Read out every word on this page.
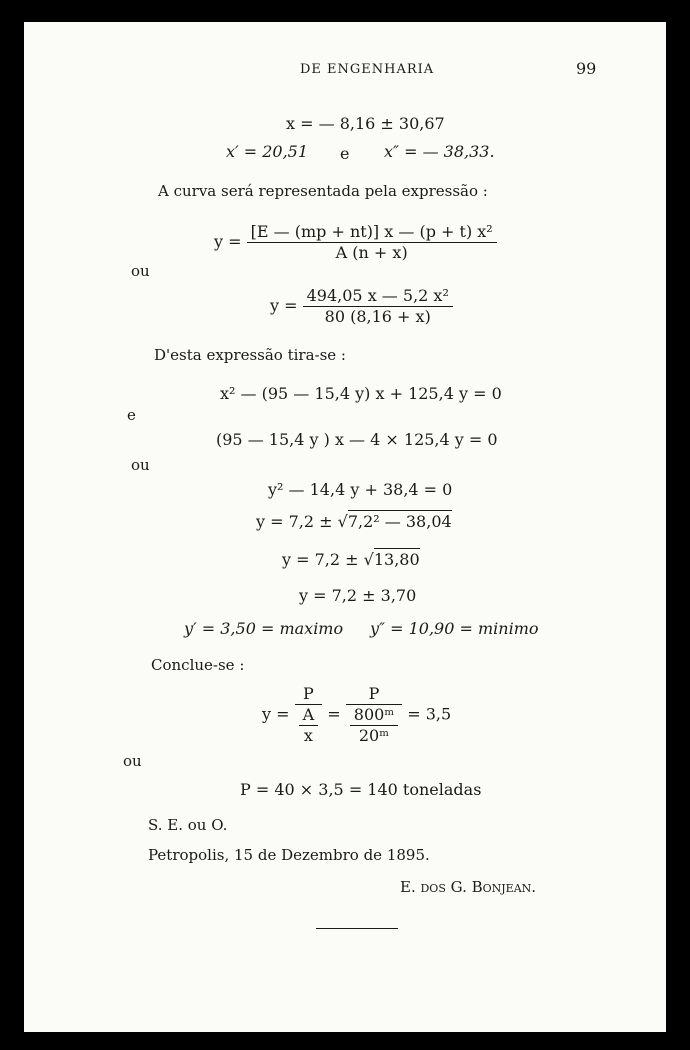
DE ENGENHARIA	99
x = — 8,16 ± 30,67
x′ = 20,51 e x″ = — 38,33.
A curva será representada pela expressão :
$y = \frac{\text{[E — (mp + nt)] x — (p + t) x²}}{A (n + x)}$
ou
$y = \frac{\text{494,05 x — 5,2 x²}}{80 (8,16 + x)}$
D'esta expressão tira-se :
x² — (95 — 15,4 y) x + 125,4 y = 0
e
(95 — 15,4 y ) x — 4 × 125,4 y = 0
ou
y² — 14,4 y + 38,4 = 0
y = 7,2 ± √7,2² — 38,04
y = 7,2 ± √13,80
y = 7,2 ± 3,70
y′ = 3,50 = maximo y″ = 10,90 = minimo
Conclue-se :
$y = \frac{P}{\frac{A}{x}} = \frac{P}{\frac{\text{800ᵐ}}{\text{20ᵐ}}} = 3,5$
ou
P = 40 × 3,5 = 140 toneladas
S. E. ou O.
Petropolis, 15 de Dezembro de 1895.
E. dos G. Bonjean.
